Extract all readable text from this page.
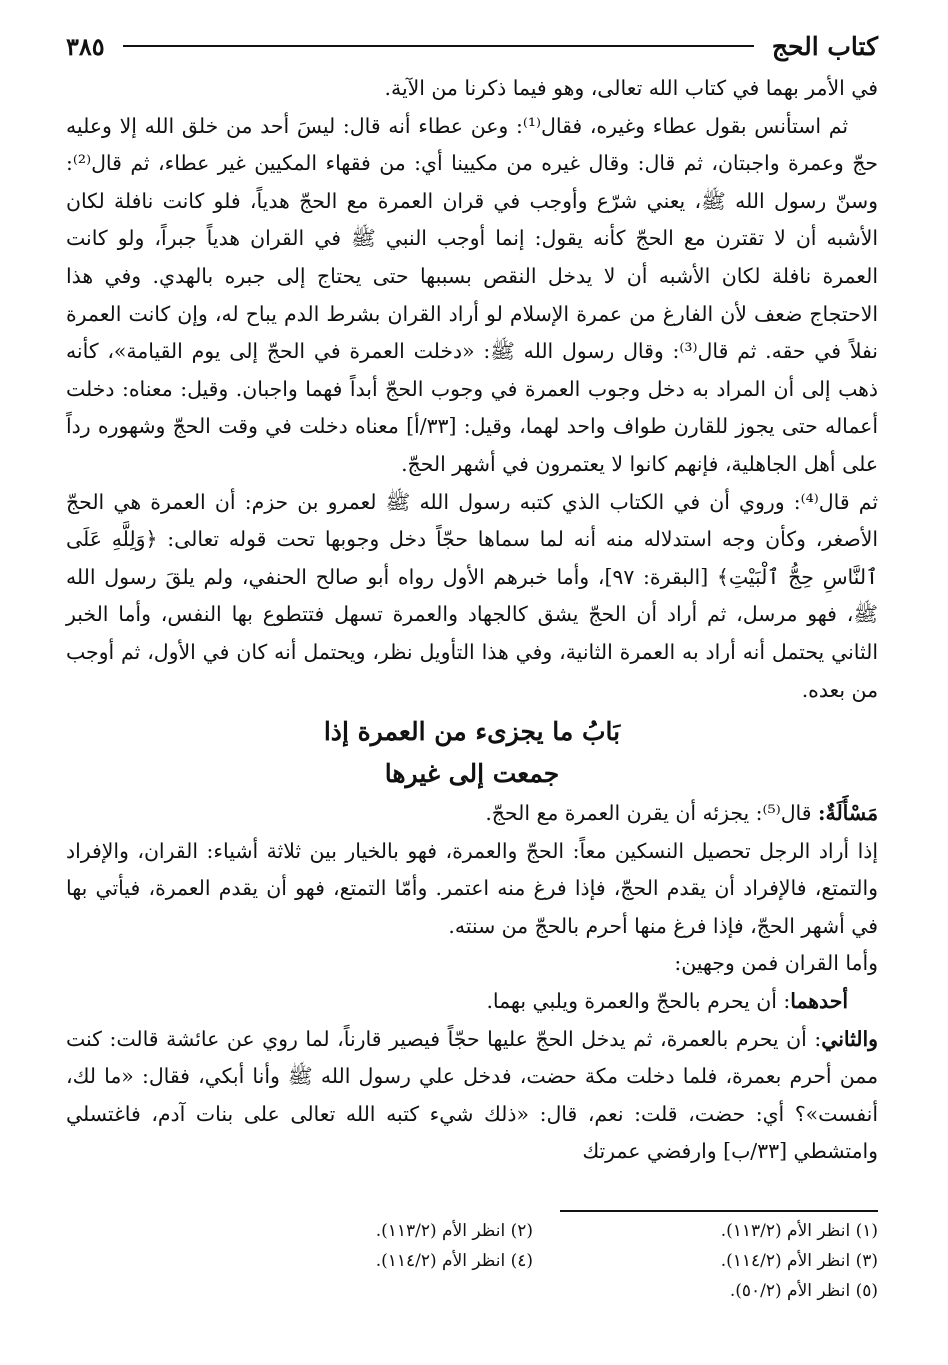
كتاب الحج
٣٨٥

في الأمر بهما في كتاب الله تعالى، وهو فيما ذكرنا من الآية.

ثم استأنس بقول عطاء وغيره، فقال⁽¹⁾: وعن عطاء أنه قال: ليسَ أحد من خلق الله إلا وعليه حجّ وعمرة واجبتان، ثم قال: وقال غيره من مكيينا أي: من فقهاء المكيين غير عطاء، ثم قال⁽²⁾: وسنّ رسول الله ﷺ، يعني شرّع وأوجب في قران العمرة مع الحجّ هدياً، فلو كانت نافلة لكان الأشبه أن لا تقترن مع الحجّ كأنه يقول: إنما أوجب النبي ﷺ في القران هدياً جبراً، ولو كانت العمرة نافلة لكان الأشبه أن لا يدخل النقص بسببها حتى يحتاج إلى جبره بالهدي. وفي هذا الاحتجاج ضعف لأن الفارغ من عمرة الإسلام لو أراد القران بشرط الدم يباح له، وإن كانت العمرة نفلاً في حقه. ثم قال⁽³⁾: وقال رسول الله ﷺ: «دخلت العمرة في الحجّ إلى يوم القيامة»، كأنه ذهب إلى أن المراد به دخل وجوب العمرة في وجوب الحجّ أبداً فهما واجبان. وقيل: معناه: دخلت أعماله حتى يجوز للقارن طواف واحد لهما، وقيل: [٣٣/أ] معناه دخلت في وقت الحجّ وشهوره رداً على أهل الجاهلية، فإنهم كانوا لا يعتمرون في أشهر الحجّ.

ثم قال⁽⁴⁾: وروي أن في الكتاب الذي كتبه رسول الله ﷺ لعمرو بن حزم: أن العمرة هي الحجّ الأصغر، وكأن وجه استدلاله منه أنه لما سماها حجّاً دخل وجوبها تحت قوله تعالى: ﴿وَلِلَّهِ عَلَى ٱلنَّاسِ حِجُّ ٱلْبَيْتِ﴾ [البقرة: ٩٧]، وأما خبرهم الأول رواه أبو صالح الحنفي، ولم يلقَ رسول الله ﷺ، فهو مرسل، ثم أراد أن الحجّ يشق كالجهاد والعمرة تسهل فتتطوع بها النفس، وأما الخبر الثاني يحتمل أنه أراد به العمرة الثانية، وفي هذا التأويل نظر، ويحتمل أنه كان في الأول، ثم أوجب من بعده.

بَابُ ما يجزىء من العمرة إذا
جمعت إلى غيرها

مَسْأَلَةٌ: قال⁽⁵⁾: يجزئه أن يقرن العمرة مع الحجّ.

إذا أراد الرجل تحصيل النسكين معاً: الحجّ والعمرة، فهو بالخيار بين ثلاثة أشياء: القران، والإفراد والتمتع، فالإفراد أن يقدم الحجّ، فإذا فرغ منه اعتمر. وأمّا التمتع، فهو أن يقدم العمرة، فيأتي بها في أشهر الحجّ، فإذا فرغ منها أحرم بالحجّ من سنته.

وأما القران فمن وجهين:

أحدهما: أن يحرم بالحجّ والعمرة ويلبي بهما.

والثاني: أن يحرم بالعمرة، ثم يدخل الحجّ عليها حجّاً فيصير قارناً، لما روي عن عائشة قالت: كنت ممن أحرم بعمرة، فلما دخلت مكة حضت، فدخل علي رسول الله ﷺ وأنا أبكي، فقال: «ما لك، أنفست»؟ أي: حضت، قلت: نعم، قال: «ذلك شيء كتبه الله تعالى على بنات آدم، فاغتسلي وامتشطي [٣٣/ب] وارفضي عمرتك

(١) انظر الأم (١١٣/٢).
(٢) انظر الأم (١١٣/٢).
(٣) انظر الأم (١١٤/٢).
(٤) انظر الأم (١١٤/٢).
(٥) انظر الأم (٥٠/٢).
